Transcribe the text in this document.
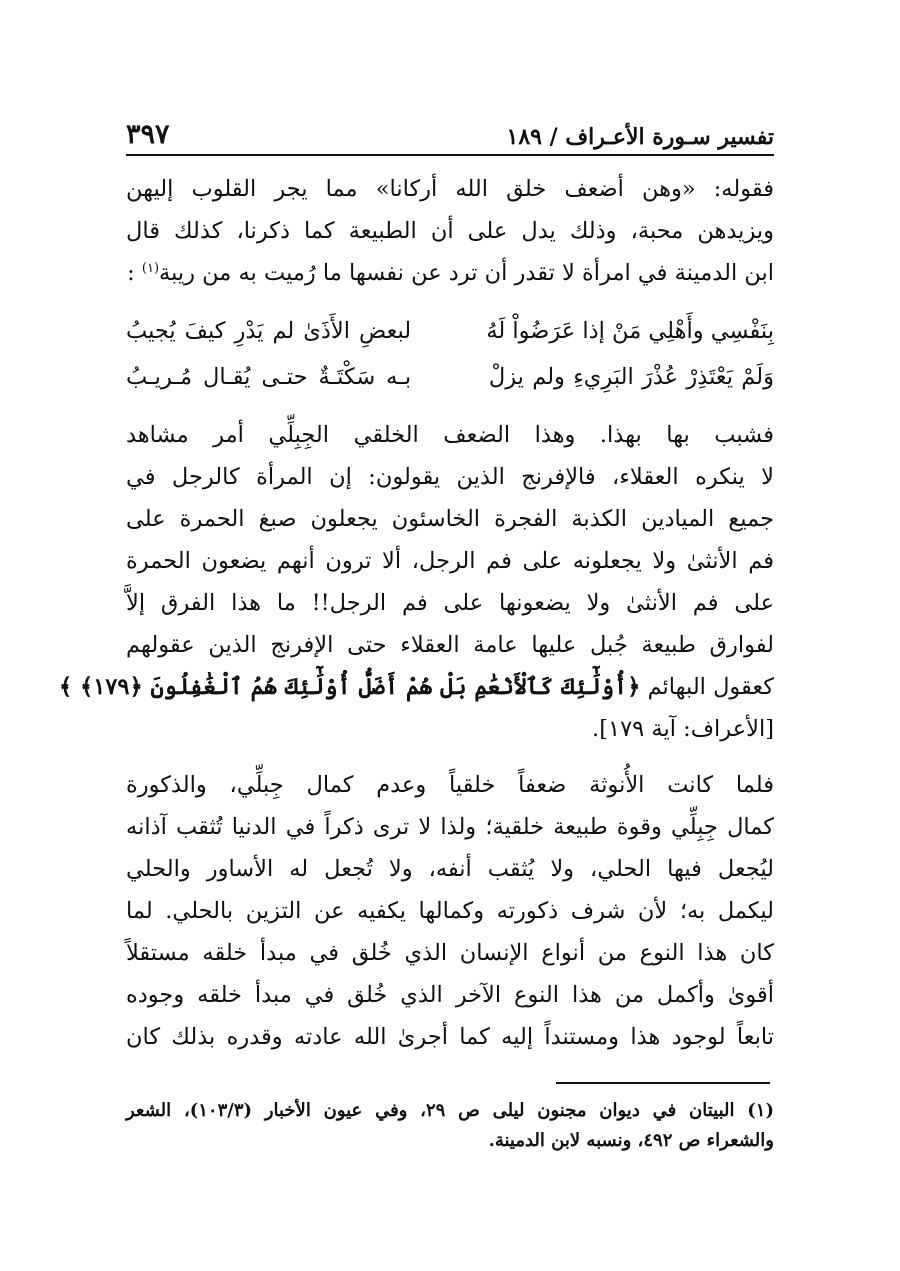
تفسير سـورة الأعـراف / ١٨٩
٣٩٧
فقوله: «وهن أضعف خلق الله أركانا» مما يجر القلوب إليهن
ويزيدهن محبة، وذلك يدل على أن الطبيعة كما ذكرنا، كذلك قال
ابن الدمينة في امرأة لا تقدر أن ترد عن نفسها ما رُميت به من ريبة$^{(١)}$ :
بِنَفْسِي وأَهْلِي مَنْ إذا عَرَضُواْ لَهُ
لبعضِ الأَذَىٰ لم يَدْرِ كيفَ يُجيبُ
وَلَمْ يَعْتَذِرْ عُذْرَ البَرِيءِ ولم يزلْ
بـه سَكْتَـةٌ حتـى يُقـال مُـريـبُ
فشبب بها بهذا. وهذا الضعف الخلقي الجِبِلِّي أمر مشاهد
لا ينكره العقلاء، فالإفرنج الذين يقولون: إن المرأة كالرجل في
جميع الميادين الكذبة الفجرة الخاسئون يجعلون صبغ الحمرة على
فم الأنثىٰ ولا يجعلونه على فم الرجل، ألا ترون أنهم يضعون الحمرة
على فم الأنثىٰ ولا يضعونها على فم الرجل!! ما هذا الفرق إلاَّ
لفوارق طبيعة جُبل عليها عامة العقلاء حتى الإفرنج الذين عقولهم
كعقول البهائم ﴿أُوْلَٰٓئِكَ كَٱلْأَنْعَٰمِ بَلْ هُمْ أَضَلُّ أُوْلَٰٓئِكَ هُمُ ٱلْغَٰفِلُونَ ﴿١٧٩﴾ ﴾
[الأعراف: آية ١٧٩].
فلما كانت الأُنوثة ضعفاً خلقياً وعدم كمال جِبلِّي، والذكورة
كمال جِبِلِّي وقوة طبيعة خلقية؛ ولذا لا ترى ذكراً في الدنيا تُثقب آذانه
ليُجعل فيها الحلي، ولا يُثقب أنفه، ولا تُجعل له الأساور والحلي
ليكمل به؛ لأن شرف ذكورته وكمالها يكفيه عن التزين بالحلي. لما
كان هذا النوع من أنواع الإنسان الذي خُلق في مبدأ خلقه مستقلاً
أقوىٰ وأكمل من هذا النوع الآخر الذي خُلق في مبدأ خلقه وجوده
تابعاً لوجود هذا ومستنداً إليه كما أجرىٰ الله عادته وقدره بذلك كان
(١) البيتان في ديوان مجنون ليلى ص ٢٩، وفي عيون الأخبار (١٠٣/٣)، الشعر
والشعراء ص ٤٩٢، ونسبه لابن الدمينة.
